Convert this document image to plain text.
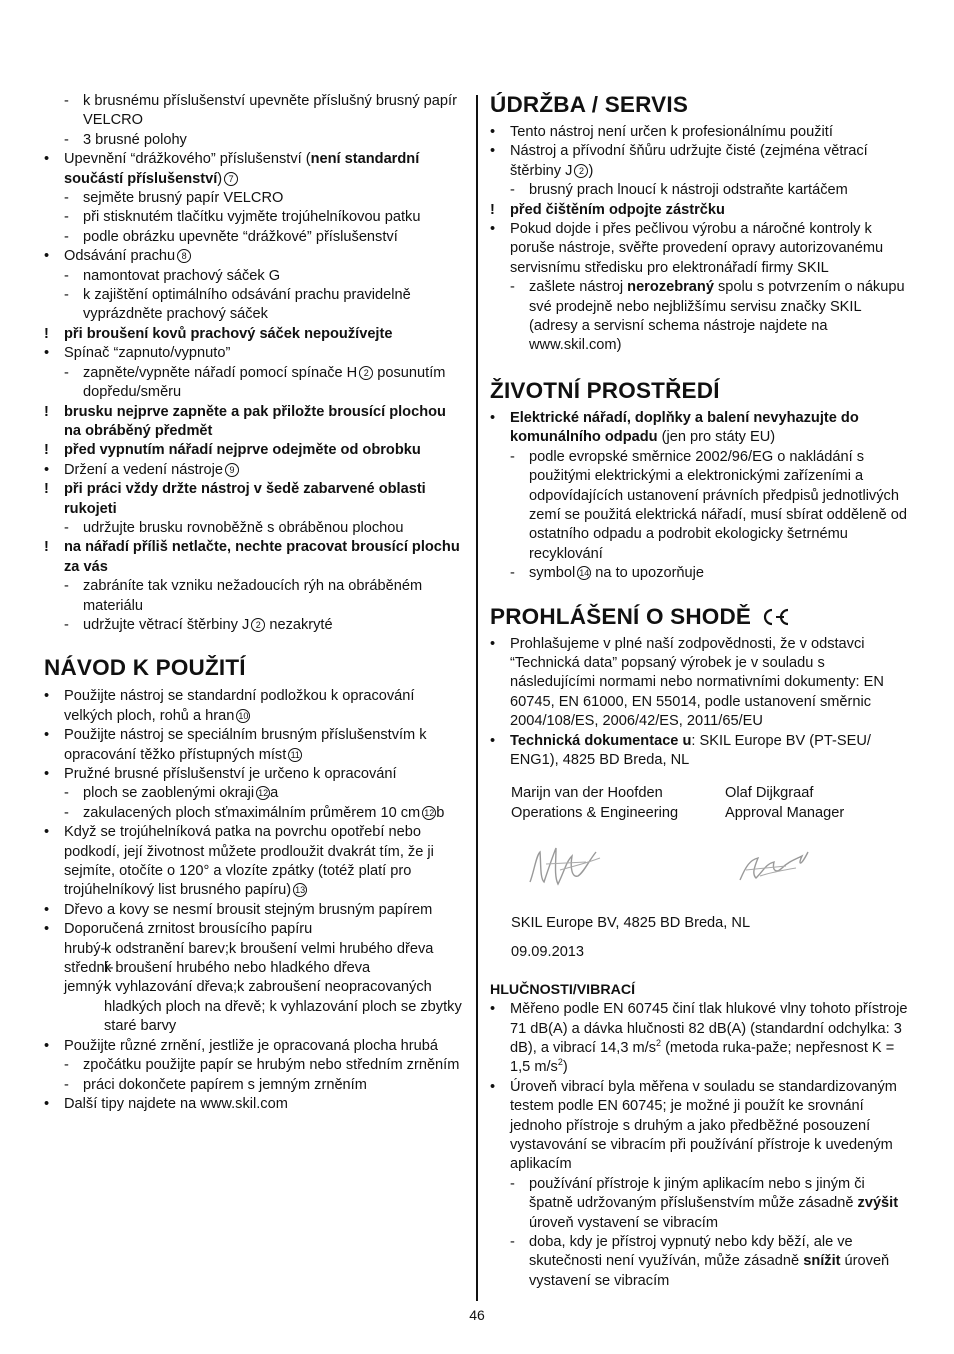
- k brusnému příslušenství upevněte příslušný brusný papír VELCRO
- 3 brusné polohy
•	Upevnění “drážkového” příslušenství (není standardní součástí příslušenství) 7
- sejměte brusný papír VELCRO
- při stisknutém tlačítku vyjměte trojúhelníkovou patku
- podle obrázku upevněte “drážkové” příslušenství
•	Odsávání prachu 8
- namontovat prachový sáček G
- k zajištění optimálního odsávání prachu pravidelně vyprázdněte prachový sáček
!	při broušení kovů prachový sáček nepoužívejte
•	Spínač “zapnuto/vypnuto”
- zapněte/vypněte nářadí pomocí spínače H 2 posunutím dopředu/směru
!	brusku nejprve zapněte a pak přiložte brousící plochou na obráběný předmět
!	před vypnutím nářadí nejprve odejměte od obrobku
•	Držení a vedení nástroje 9
!	při práci vždy držte nástroj v šedě zabarvené oblasti rukojeti
- udržujte brusku rovnoběžně s obráběnou plochou
!	na nářadí příliš netlačte, nechte pracovat brousící plochu za vás
- zabráníte tak vzniku nežadoucích rýh na obráběném materiálu
- udržujte větrací štěrbiny J 2 nezakryté
NÁVOD K POUŽITÍ
•	Použijte nástroj se standardní podložkou k opracování velkých ploch, rohů a hran 10
•	Použijte nástroj se speciálním brusným příslušenstvím k opracování těžko přístupných míst 11
•	Pružné brusné příslušenství je určeno k opracování
- ploch se zaoblenými okraji 12 a
- zakulacených ploch sťmaximálním průměrem 10 cm 12 b
•	Když se trojúhelníková patka na povrchu opotřebí nebo podkodí, její životnost můžete prodloužit dvakrát tím, že ji sejmíte, otočíte o 120° a vlozíte zpátky (totéž platí pro trojúhelníkový list brusného papíru) 13
•	Dřevo a kovy se nesmí brousit stejným brusným papírem
•	Doporučená zrnitost brousícího papíru
hrubý-
k odstranění barev;k broušení velmi hrubého dřeva
střední-
k broušení hrubého nebo hladkého dřeva
jemný-
k vyhlazování dřeva;k zabroušení neopracovaných hladkých ploch na dřevě; k vyhlazování ploch se zbytky staré barvy
•	Použijte různé zrnění, jestliže je opracovaná plocha hrubá
- zpočátku použijte papír se hrubým nebo středním zrněním
- práci dokončete papírem s jemným zrněním
•	Další tipy najdete na www.skil.com
ÚDRŽBA / SERVIS
•	Tento nástroj není určen k profesionálnímu použití
•	Nástroj a přívodní šňůru udržujte čisté (zejména větrací štěrbiny J 2 )
- brusný prach lnoucí k nástroji odstraňte kartáčem
!	před čištěním odpojte zástrčku
•	Pokud dojde i přes pečlivou výrobu a náročné kontroly k poruše nástroje, svěřte provedení opravy autorizovanému servisnímu středisku pro elektronářadí firmy SKIL
- zašlete nástroj nerozebraný spolu s potvrzením o nákupu své prodejně nebo nejbližšímu servisu značky SKIL (adresy a servisní schema nástroje najdete na www.skil.com)
ŽIVOTNÍ PROSTŘEDÍ
•	Elektrické nářadí, doplňky a balení nevyhazujte do komunálního odpadu (jen pro státy EU)
- podle evropské směrnice 2002/96/EG o nakládání s použitými elektrickými a elektronickými zařízeními a odpovídajících ustanovení právních předpisů jednotlivých zemí se použitá elektrická nářadí, musí sbírat odděleně od ostatního odpadu a podrobit ekologicky šetrnému recyklování
- symbol 14 na to upozorňuje
PROHLÁŠENÍ O SHODĚ
•	Prohlašujeme v plné naší zodpovědnosti, že v odstavci “Technická data” popsaný výrobek je v souladu s následujícími normami nebo normativními dokumenty: EN 60745, EN 61000, EN 55014, podle ustanovení směrnic 2004/108/ES, 2006/42/ES, 2011/65/EU
•	Technická dokumentace u: SKIL Europe BV (PT-SEU/ ENG1), 4825 BD Breda, NL
Marijn van der Hoofden
Operations & Engineering
Olaf Dijkgraaf
Approval Manager
SKIL Europe BV, 4825 BD Breda, NL
09.09.2013
HLUČNOSTI/VIBRACÍ
•	Měřeno podle EN 60745 činí tlak hlukové vlny tohoto přístroje 71 dB(A) a dávka hlučnosti 82 dB(A) (standardní odchylka: 3 dB), a vibrací 14,3 $m/s^2$ (metoda ruka-paže; nepřesnost K = 1,5 $m/s^2$)
•	Úroveň vibrací byla měřena v souladu se standardizovaným testem podle EN 60745; je možné ji použít ke srovnání jednoho přístroje s druhým a jako předběžné posouzení vystavování se vibracím při používání přístroje k uvedeným aplikacím
- používání přístroje k jiným aplikacím nebo s jiným či špatně udržovaným příslušenstvím může zásadně zvýšit úroveň vystavení se vibracím
- doba, kdy je přístroj vypnutý nebo kdy běží, ale ve skutečnosti není využíván, může zásadně snížit úroveň vystavení se vibracím
46
